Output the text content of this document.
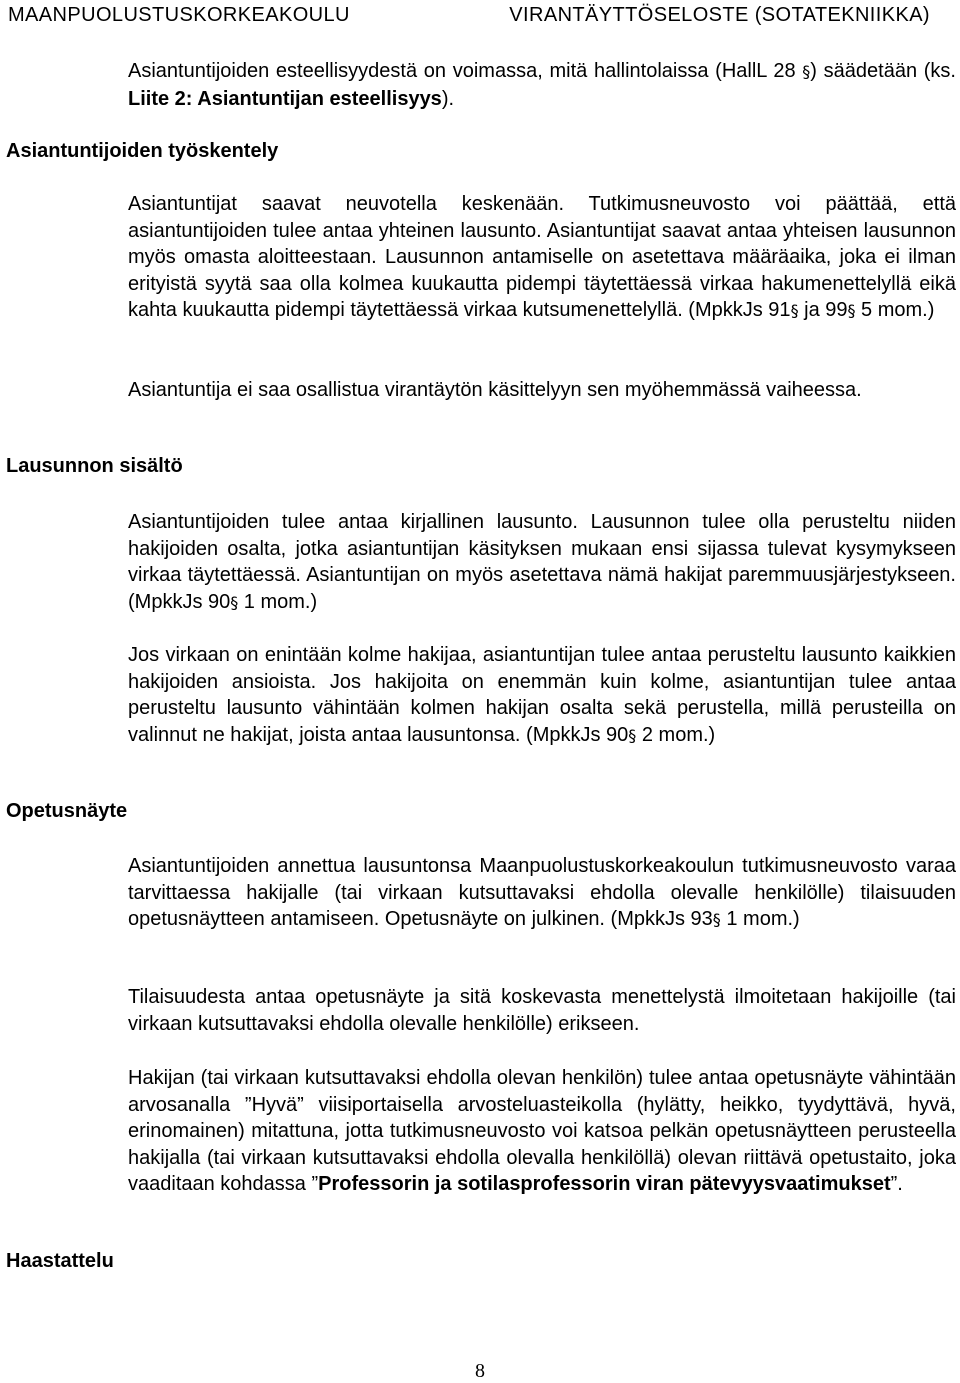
MAANPUOLUSTUSKORKEAKOULU	VIRANTÄYTTÖSELOSTE (SOTATEKNIIKKA)
Asiantuntijoiden esteellisyydestä on voimassa, mitä hallintolaissa (HallL 28 §) säädetään (ks. Liite 2: Asiantuntijan esteellisyys).
Asiantuntijoiden työskentely
Asiantuntijat saavat neuvotella keskenään. Tutkimusneuvosto voi päättää, että asiantuntijoiden tulee antaa yhteinen lausunto. Asiantuntijat saavat antaa yhteisen lausunnon myös omasta aloitteestaan. Lausunnon antamiselle on asetettava määräaika, joka ei ilman erityistä syytä saa olla kolmea kuukautta pidempi täytettäessä virkaa hakumenettelyllä eikä kahta kuukautta pidempi täytettäessä virkaa kutsumenettelyllä. (MpkkJs 91§ ja 99§ 5 mom.)
Asiantuntija ei saa osallistua virantäytön käsittelyyn sen myöhemmässä vaiheessa.
Lausunnon sisältö
Asiantuntijoiden tulee antaa kirjallinen lausunto. Lausunnon tulee olla perusteltu niiden hakijoiden osalta, jotka asiantuntijan käsityksen mukaan ensi sijassa tulevat kysymykseen virkaa täytettäessä. Asiantuntijan on myös asetettava nämä hakijat paremmuusjärjestykseen. (MpkkJs 90§ 1 mom.)
Jos virkaan on enintään kolme hakijaa, asiantuntijan tulee antaa perusteltu lausunto kaikkien hakijoiden ansioista. Jos hakijoita on enemmän kuin kolme, asiantuntijan tulee antaa perusteltu lausunto vähintään kolmen hakijan osalta sekä perustella, millä perusteilla on valinnut ne hakijat, joista antaa lausuntonsa. (MpkkJs 90§ 2 mom.)
Opetusnäyte
Asiantuntijoiden annettua lausuntonsa Maanpuolustuskorkeakoulun tutkimusneuvosto varaa tarvittaessa hakijalle (tai virkaan kutsuttavaksi ehdolla olevalle henkilölle) tilaisuuden opetusnäytteen antamiseen. Opetusnäyte on julkinen. (MpkkJs 93§ 1 mom.)
Tilaisuudesta antaa opetusnäyte ja sitä koskevasta menettelystä ilmoitetaan hakijoille (tai virkaan kutsuttavaksi ehdolla olevalle henkilölle) erikseen.
Hakijan (tai virkaan kutsuttavaksi ehdolla olevan henkilön) tulee antaa opetusnäyte vähintään arvosanalla ”Hyvä” viisiportaisella arvosteluasteikolla (hylätty, heikko, tyydyttävä, hyvä, erinomainen) mitattuna, jotta tutkimusneuvosto voi katsoa pelkän opetusnäytteen perusteella hakijalla (tai virkaan kutsuttavaksi ehdolla olevalla henkilöllä) olevan riittävä opetustaito, joka vaaditaan kohdassa ”Professorin ja sotilasprofessorin viran pätevyysvaatimukset”.
Haastattelu
8
